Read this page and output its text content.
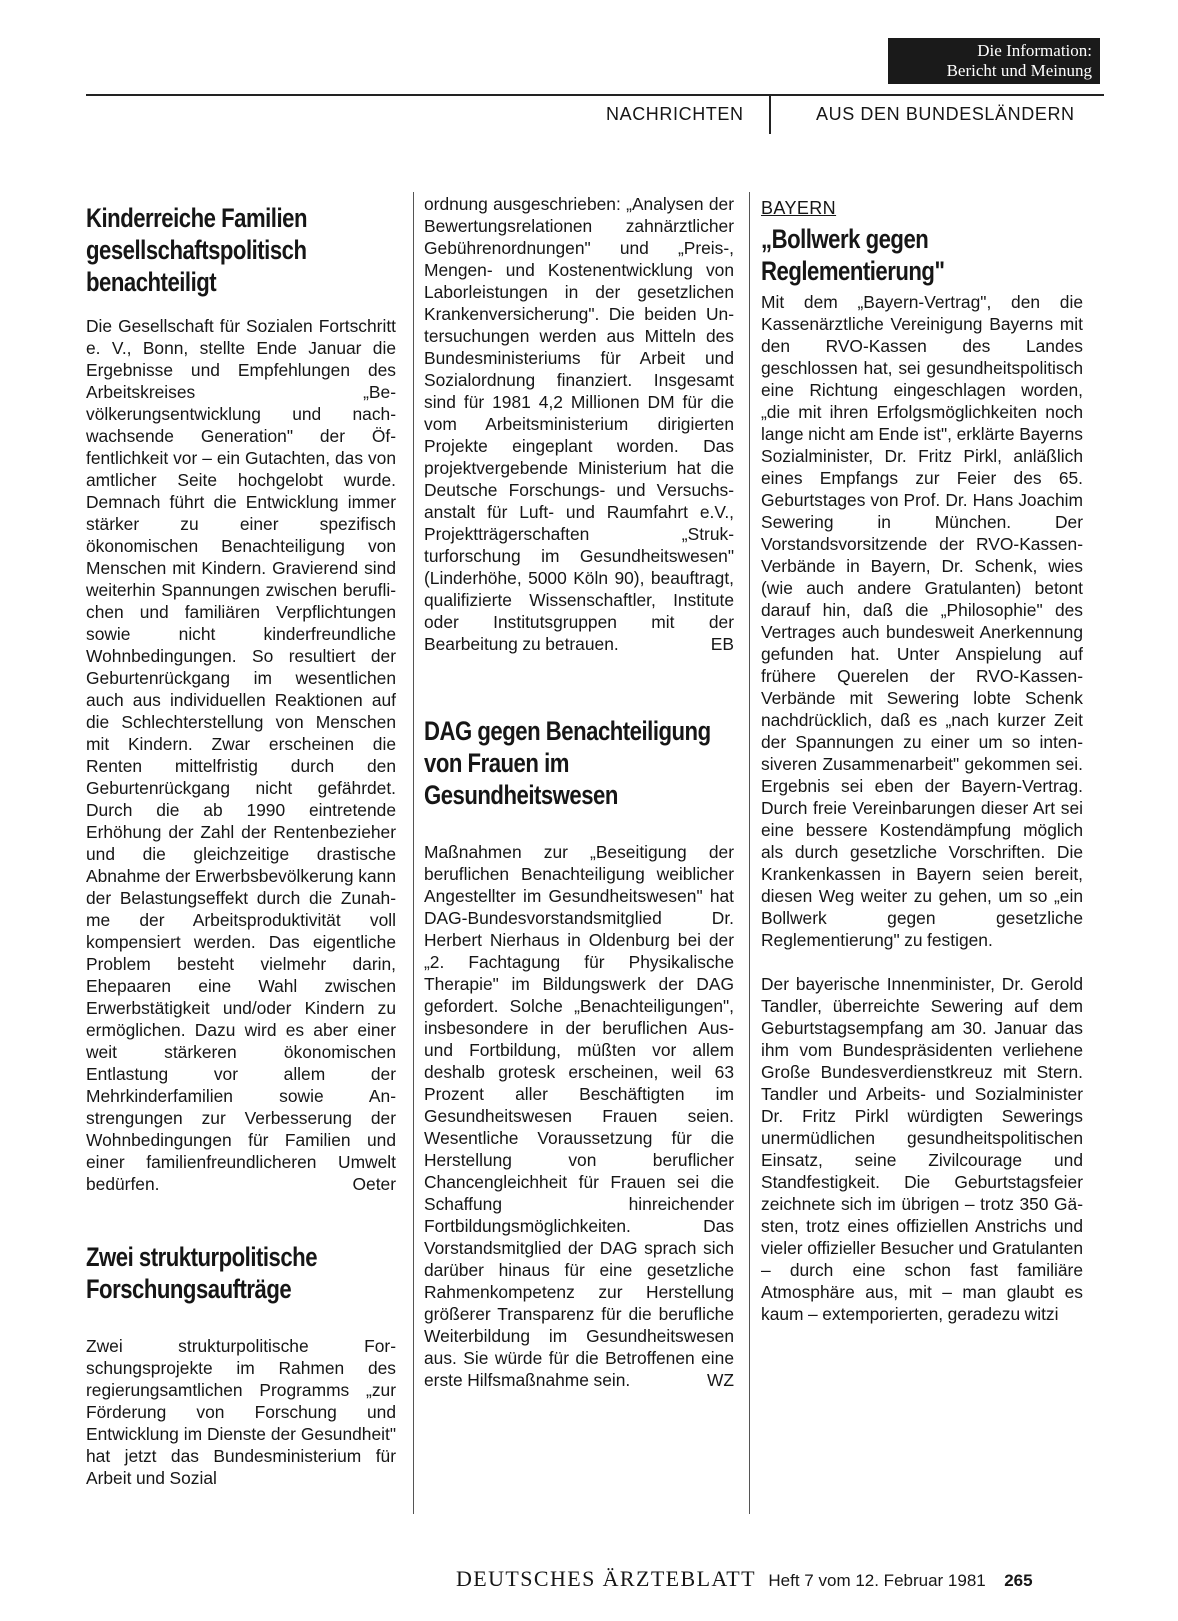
Die Information:
Bericht und Meinung
NACHRICHTEN	AUS DEN BUNDESLÄNDERN
Kinderreiche Familien gesellschaftspolitisch benachteiligt

Die Gesellschaft für Sozialen Fortschritt e. V., Bonn, stellte Ende Januar die Ergebnisse und Empfehlungen des Arbeitskreises „Bevölkerungsentwicklung und nachwachsende Generation" der Öffentlichkeit vor – ein Gutachten, das von amtlicher Seite hochgelobt wurde. Demnach führt die Entwicklung immer stärker zu einer spezifisch ökonomischen Benachteiligung von Menschen mit Kindern. Gravierend sind weiterhin Spannungen zwischen beruflichen und familiären Verpflichtungen sowie nicht kinderfreundliche Wohnbedingungen. So resultiert der Geburtenrückgang im wesentlichen auch aus individuellen Reaktionen auf die Schlechterstellung von Menschen mit Kindern. Zwar erscheinen die Renten mittelfristig durch den Geburtenrückgang nicht gefährdet. Durch die ab 1990 eintretende Erhöhung der Zahl der Rentenbezieher und die gleichzeitige drastische Abnahme der Erwerbsbevölkerung kann der Belastungseffekt durch die Zunahme der Arbeitsproduktivität voll kompensiert werden. Das eigentliche Problem besteht vielmehr darin, Ehepaaren eine Wahl zwischen Erwerbstätigkeit und/oder Kindern zu ermöglichen. Dazu wird es aber einer weit stärkeren ökonomischen Entlastung vor allem der Mehrkinderfamilien sowie Anstrengungen zur Verbesserung der Wohnbedingungen für Familien und einer familienfreundlicheren Umwelt bedürfen.	Oeter

Zwei strukturpolitische Forschungsaufträge

Zwei strukturpolitische Forschungsprojekte im Rahmen des regierungsamtlichen Programms „zur Förderung von Forschung und Entwicklung im Dienste der Gesundheit" hat jetzt das Bundesministerium für Arbeit und Sozial

ordnung ausgeschrieben: „Analysen der Bewertungsrelationen zahnärztlicher Gebührenordnungen" und „Preis-, Mengen- und Kostenentwicklung von Laborleistungen in der gesetzlichen Krankenversicherung". Die beiden Untersuchungen werden aus Mitteln des Bundesministeriums für Arbeit und Sozialordnung finanziert. Insgesamt sind für 1981 4,2 Millionen DM für die vom Arbeitsministerium dirigierten Projekte eingeplant worden. Das projektvergebende Ministerium hat die Deutsche Forschungs- und Versuchsanstalt für Luft- und Raumfahrt e.V., Projektträgerschaften „Strukturforschung im Gesundheitswesen" (Linderhöhe, 5000 Köln 90), beauftragt, qualifizierte Wissenschaftler, Institute oder Institutsgruppen mit der Bearbeitung zu betrauen.	EB

DAG gegen Benachteiligung von Frauen im Gesundheitswesen

Maßnahmen zur „Beseitigung der beruflichen Benachteiligung weiblicher Angestellter im Gesundheitswesen" hat DAG-Bundesvorstandsmitglied Dr. Herbert Nierhaus in Oldenburg bei der „2. Fachtagung für Physikalische Therapie" im Bildungswerk der DAG gefordert. Solche „Benachteiligungen", insbesondere in der beruflichen Aus- und Fortbildung, müßten vor allem deshalb grotesk erscheinen, weil 63 Prozent aller Beschäftigten im Gesundheitswesen Frauen seien. Wesentliche Voraussetzung für die Herstellung von beruflicher Chancengleichheit für Frauen sei die Schaffung hinreichender Fortbildungsmöglichkeiten. Das Vorstandsmitglied der DAG sprach sich darüber hinaus für eine gesetzliche Rahmenkompetenz zur Herstellung größerer Transparenz für die berufliche Weiterbildung im Gesundheitswesen aus. Sie würde für die Betroffenen eine erste Hilfsmaßnahme sein.	WZ

BAYERN
„Bollwerk gegen Reglementierung"

Mit dem „Bayern-Vertrag", den die Kassenärztliche Vereinigung Bayerns mit den RVO-Kassen des Landes geschlossen hat, sei gesundheitspolitisch eine Richtung eingeschlagen worden, „die mit ihren Erfolgsmöglichkeiten noch lange nicht am Ende ist", erklärte Bayerns Sozialminister, Dr. Fritz Pirkl, anläßlich eines Empfangs zur Feier des 65. Geburtstages von Prof. Dr. Hans Joachim Sewering in München. Der Vorstandsvorsitzende der RVO-Kassen-Verbände in Bayern, Dr. Schenk, wies (wie auch andere Gratulanten) betont darauf hin, daß die „Philosophie" des Vertrages auch bundesweit Anerkennung gefunden hat. Unter Anspielung auf frühere Querelen der RVO-Kassen-Verbände mit Sewering lobte Schenk nachdrücklich, daß es „nach kurzer Zeit der Spannungen zu einer um so intensiveren Zusammenarbeit" gekommen sei. Ergebnis sei eben der Bayern-Vertrag. Durch freie Vereinbarungen dieser Art sei eine bessere Kostendämpfung möglich als durch gesetzliche Vorschriften. Die Krankenkassen in Bayern seien bereit, diesen Weg weiter zu gehen, um so „ein Bollwerk gegen gesetzliche Reglementierung" zu festigen.

Der bayerische Innenminister, Dr. Gerold Tandler, überreichte Sewering auf dem Geburtstagsempfang am 30. Januar das ihm vom Bundespräsidenten verliehene Große Bundesverdienstkreuz mit Stern. Tandler und Arbeits- und Sozialminister Dr. Fritz Pirkl würdigten Sewerings unermüdlichen gesundheitspolitischen Einsatz, seine Zivilcourage und Standfestigkeit. Die Geburtstagsfeier zeichnete sich im übrigen – trotz 350 Gästen, trotz eines offiziellen Anstrichs und vieler offizieller Besucher und Gratulanten – durch eine schon fast familiäre Atmosphäre aus, mit – man glaubt es kaum – extemporierten, geradezu witzi

DEUTSCHES ÄRZTEBLATT Heft 7 vom 12. Februar 1981 265
